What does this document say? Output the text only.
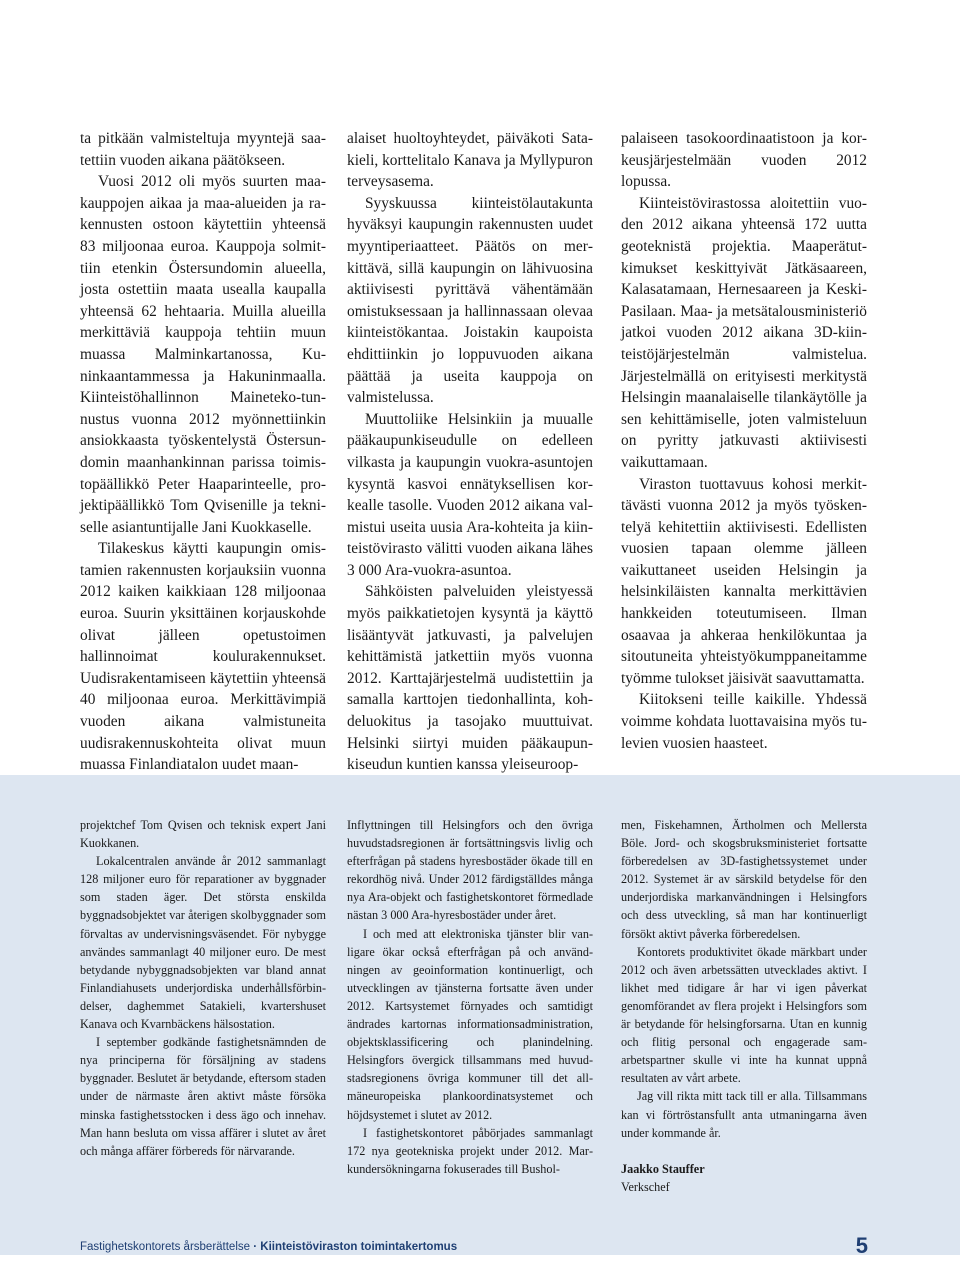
ta pitkään valmisteltuja myyntejä saatettiin vuoden aikana päätökseen.

Vuosi 2012 oli myös suurten maakauppojen aikaa ja maa-alueiden ja rakennusten ostoon käytettiin yhteensä 83 miljoonaa euroa. Kauppoja solmittiin etenkin Östersundomin alueella, josta ostettiin maata usealla kaupalla yhteensä 62 hehtaaria. Muilla alueilla merkittäviä kauppoja tehtiin muun muassa Malminkartanossa, Kuninkaantammessa ja Hakuninmaalla. Kiinteistöhallinnon Maineteko-tunnustus vuonna 2012 myönnettiinkin ansiokkaasta työskentelystä Östersundomin maanhankinnan parissa toimistopäällikkö Peter Haaparinteelle, projektipäällikkö Tom Qvisenille ja tekniselle asiantuntijalle Jani Kuokkaselle.

Tilakeskus käytti kaupungin omistamien rakennusten korjauksiin vuonna 2012 kaiken kaikkiaan 128 miljoonaa euroa. Suurin yksittäinen korjauskohde olivat jälleen opetustoimen hallinnoimat koulurakennukset. Uudisrakentamiseen käytettiin yhteensä 40 miljoonaa euroa. Merkittävimpiä vuoden aikana valmistuneita uudisrakennuskohteita olivat muun muassa Finlandiatalon uudet maan-

alaiset huoltoyhteydet, päiväkoti Satakieli, korttelitalo Kanava ja Myllypuron terveysasema.

Syyskuussa kiinteistölautakunta hyväksyi kaupungin rakennusten uudet myyntiperiaatteet. Päätös on merkittävä, sillä kaupungin on lähivuosina aktiivisesti pyrittävä vähentämään omistuksessaan ja hallinnassaan olevaa kiinteistökantaa. Joistakin kaupoista ehdittiinkin jo loppuvuoden aikana päättää ja useita kauppoja on valmistelussa.

Muuttoliike Helsinkiin ja muualle pääkaupunkiseudulle on edelleen vilkasta ja kaupungin vuokra-asuntojen kysyntä kasvoi ennätyksellisen korkealle tasolle. Vuoden 2012 aikana valmistui useita uusia Ara-kohteita ja kiinteistövirasto välitti vuoden aikana lähes 3 000 Ara-vuokra-asuntoa.

Sähköisten palveluiden yleistyessä myös paikkatietojen kysyntä ja käyttö lisääntyvät jatkuvasti, ja palvelujen kehittämistä jatkettiin myös vuonna 2012. Karttajärjestelmä uudistettiin ja samalla karttojen tiedonhallinta, kohdeluokitus ja tasojako muuttuivat. Helsinki siirtyi muiden pääkaupunkiseudun kuntien kanssa yleiseuroop-

palaiseen tasokoordinaatistoon ja korkeusjärjestelmään vuoden 2012 lopussa.

Kiinteistövirastossa aloitettiin vuoden 2012 aikana yhteensä 172 uutta geoteknistä projektia. Maaperätutkimukset keskittyivät Jätkäsaareen, Kalasatamaan, Hernesaareen ja Keski-Pasilaan. Maa- ja metsätalousministeriö jatkoi vuoden 2012 aikana 3D-kiinteistöjärjestelmän valmistelua. Järjestelmällä on erityisesti merkitystä Helsingin maanalaiselle tilankäytölle ja sen kehittämiselle, joten valmisteluun on pyritty jatkuvasti aktiivisesti vaikuttamaan.

Viraston tuottavuus kohosi merkittävästi vuonna 2012 ja myös työskentelyä kehitettiin aktiivisesti. Edellisten vuosien tapaan olemme jälleen vaikuttaneet useiden Helsingin ja helsinkiläisten kannalta merkittävien hankkeiden toteutumiseen. Ilman osaavaa ja ahkeraa henkilökuntaa ja sitoutuneita yhteistyökumppaneitamme työmme tulokset jäisivät saavuttamatta.

Kiitokseni teille kaikille. Yhdessä voimme kohdata luottavaisina myös tulevien vuosien haasteet.

projektchef Tom Qvisen och teknisk expert Jani Kuokkanen.

Lokalcentralen använde år 2012 sammanlagt 128 miljoner euro för reparationer av byggnader som staden äger. Det största enskilda byggnadsobjektet var återigen skolbyggnader som förvaltas av undervisningsväsendet. För nybygge användes sammanlagt 40 miljoner euro. De mest betydande nybyggnadsobjekten var bland annat Finlandiahusets underjordiska underhållsförbindelser, daghemmet Satakieli, kvartershuset Kanava och Kvarnbäckens hälsostation.

I september godkände fastighetsnämnden de nya principerna för försäljning av stadens byggnader. Beslutet är betydande, eftersom staden under de närmaste åren aktivt måste försöka minska fastighetsstocken i dess ägo och innehav. Man hann besluta om vissa affärer i slutet av året och många affärer förbereds för närvarande.

Inflyttningen till Helsingfors och den övriga huvudstadsregionen är fortsättningsvis livlig och efterfrågan på stadens hyresbostäder ökade till en rekordhög nivå. Under 2012 färdigställdes många nya Ara-objekt och fastighetskontoret förmedlade nästan 3 000 Ara-hyresbostäder under året.

I och med att elektroniska tjänster blir vanligare ökar också efterfrågan på och användningen av geoinformation kontinuerligt, och utvecklingen av tjänsterna fortsatte även under 2012. Kartsystemet förnyades och samtidigt ändrades kartornas informationsadministration, objektsklassificering och planindelning. Helsingfors övergick tillsammans med huvudstadsregionens övriga kommuner till det allmäneuropeiska plankoordinatsystemet och höjdsystemet i slutet av 2012.

I fastighetskontoret påbörjades sammanlagt 172 nya geotekniska projekt under 2012. Markundersökningarna fokuserades till Bushol-

men, Fiskehamnen, Ärtholmen och Mellersta Böle. Jord- och skogsbruksministeriet fortsatte förberedelsen av 3D-fastighetssystemet under 2012. Systemet är av särskild betydelse för den underjordiska markanvändningen i Helsingfors och dess utveckling, så man har kontinuerligt försökt aktivt påverka förberedelsen.

Kontorets produktivitet ökade märkbart under 2012 och även arbetssätten utvecklades aktivt. I likhet med tidigare år har vi igen påverkat genomförandet av flera projekt i Helsingfors som är betydande för helsingforsarna. Utan en kunnig och flitig personal och engagerade samarbetspartner skulle vi inte ha kunnat uppnå resultaten av vårt arbete.

Jag vill rikta mitt tack till er alla. Tillsammans kan vi förtröstansfullt anta utmaningarna även under kommande år.

Jaakko Stauffer

Verkschef

Fastighetskontorets årsberättelse · Kiinteistöviraston toimintakertomus	5
